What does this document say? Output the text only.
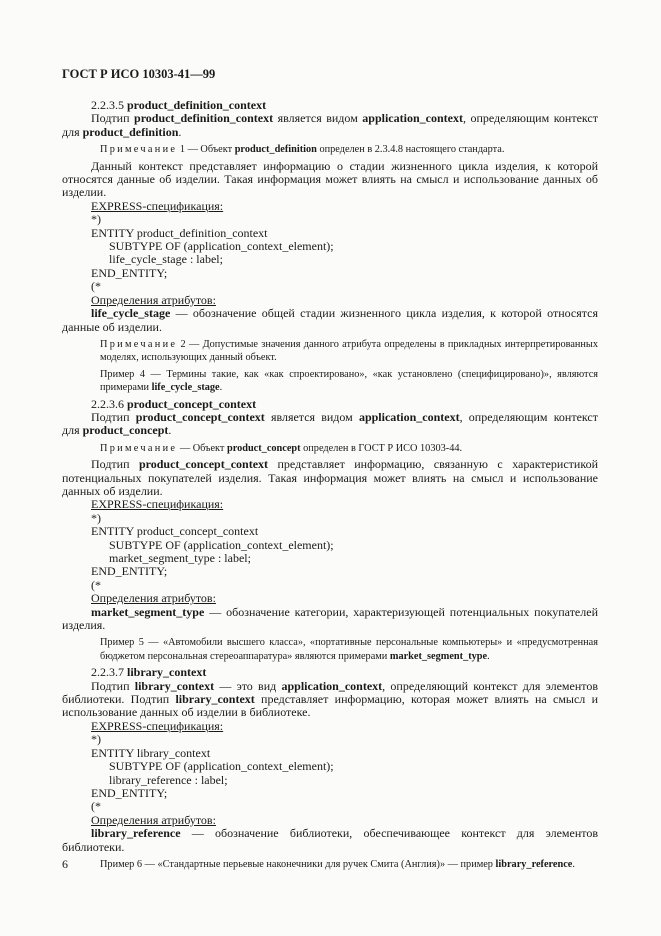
ГОСТ Р ИСО 10303-41—99

2.2.3.5 product_definition_context

Подтип product_definition_context является видом application_context, определяющим контекст для product_definition.

Примечание 1 — Объект product_definition определен в 2.3.4.8 настоящего стандарта.

Данный контекст представляет информацию о стадии жизненного цикла изделия, к которой относятся данные об изделии. Такая информация может влиять на смысл и использование данных об изделии.

EXPRESS-спецификация:

*)

ENTITY product_definition_context

SUBTYPE OF (application_context_element);

life_cycle_stage : label;

END_ENTITY;

(*

Определения атрибутов:

life_cycle_stage — обозначение общей стадии жизненного цикла изделия, к которой относятся данные об изделии.

Примечание 2 — Допустимые значения данного атрибута определены в прикладных интерпретированных моделях, использующих данный объект.

Пример 4 — Термины такие, как «как спроектировано», «как установлено (специфицировано)», являются примерами life_cycle_stage.

2.2.3.6 product_concept_context

Подтип product_concept_context является видом application_context, определяющим контекст для product_concept.

Примечание — Объект product_concept определен в ГОСТ Р ИСО 10303-44.

Подтип product_concept_context представляет информацию, связанную с характеристикой потенциальных покупателей изделия. Такая информация может влиять на смысл и использование данных об изделии.

EXPRESS-спецификация:

*)

ENTITY product_concept_context

SUBTYPE OF (application_context_element);

market_segment_type : label;

END_ENTITY;

(*

Определения атрибутов:

market_segment_type — обозначение категории, характеризующей потенциальных покупателей изделия.

Пример 5 — «Автомобили высшего класса», «портативные персональные компьютеры» и «предусмотренная бюджетом персональная стереоаппаратура» являются примерами market_segment_type.

2.2.3.7 library_context

Подтип library_context — это вид application_context, определяющий контекст для элементов библиотеки. Подтип library_context представляет информацию, которая может влиять на смысл и использование данных об изделии в библиотеке.

EXPRESS-спецификация:

*)

ENTITY library_context

SUBTYPE OF (application_context_element);

library_reference : label;

END_ENTITY;

(*

Определения атрибутов:

library_reference — обозначение библиотеки, обеспечивающее контекст для элементов библиотеки.

Пример 6 — «Стандартные перьевые наконечники для ручек Смита (Англия)» — пример library_reference.

6
